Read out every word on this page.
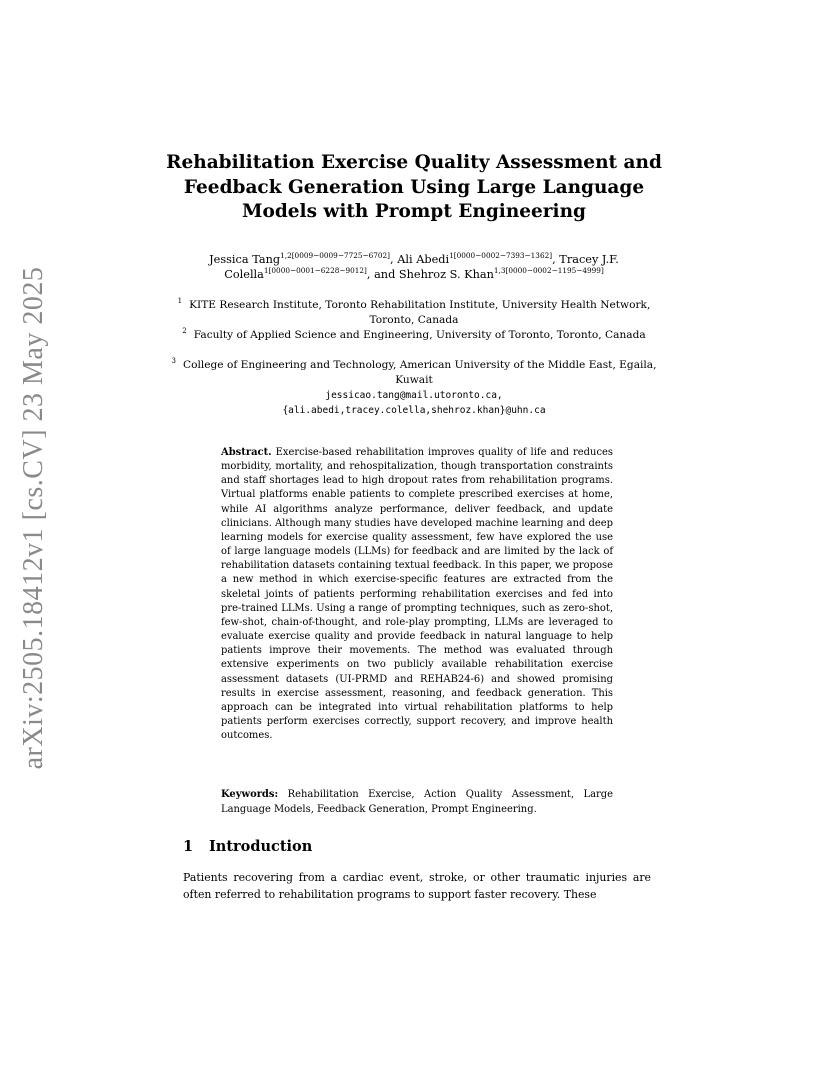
arXiv:2505.18412v1 [cs.CV] 23 May 2025
Rehabilitation Exercise Quality Assessment and Feedback Generation Using Large Language Models with Prompt Engineering
Jessica Tang$^{1,2[0009-0009-7725-6702]}$, Ali Abedi$^{1[0000-0002-7393-1362]}$, Tracey J.F. Colella$^{1[0000-0001-6228-9012]}$, and Shehroz S. Khan$^{1,3[0000-0002-1195-4999]}$
$^1$ KITE Research Institute, Toronto Rehabilitation Institute, University Health Network, Toronto, Canada
$^2$ Faculty of Applied Science and Engineering, University of Toronto, Toronto, Canada
$^3$ College of Engineering and Technology, American University of the Middle East, Egaila, Kuwait
jessicao.tang@mail.utoronto.ca,
{ali.abedi,tracey.colella,shehroz.khan}@uhn.ca
Abstract. Exercise-based rehabilitation improves quality of life and reduces morbidity, mortality, and rehospitalization, though transportation constraints and staff shortages lead to high dropout rates from rehabilitation programs. Virtual platforms enable patients to complete prescribed exercises at home, while AI algorithms analyze performance, deliver feedback, and update clinicians. Although many studies have developed machine learning and deep learning models for exercise quality assessment, few have explored the use of large language models (LLMs) for feedback and are limited by the lack of rehabilitation datasets containing textual feedback. In this paper, we propose a new method in which exercise-specific features are extracted from the skeletal joints of patients performing rehabilitation exercises and fed into pre-trained LLMs. Using a range of prompting techniques, such as zero-shot, few-shot, chain-of-thought, and role-play prompting, LLMs are leveraged to evaluate exercise quality and provide feedback in natural language to help patients improve their movements. The method was evaluated through extensive experiments on two publicly available rehabilitation exercise assessment datasets (UI-PRMD and REHAB24-6) and showed promising results in exercise assessment, reasoning, and feedback generation. This approach can be integrated into virtual rehabilitation platforms to help patients perform exercises correctly, support recovery, and improve health outcomes.
Keywords: Rehabilitation Exercise, Action Quality Assessment, Large Language Models, Feedback Generation, Prompt Engineering.
1 Introduction
Patients recovering from a cardiac event, stroke, or other traumatic injuries are often referred to rehabilitation programs to support faster recovery. These
